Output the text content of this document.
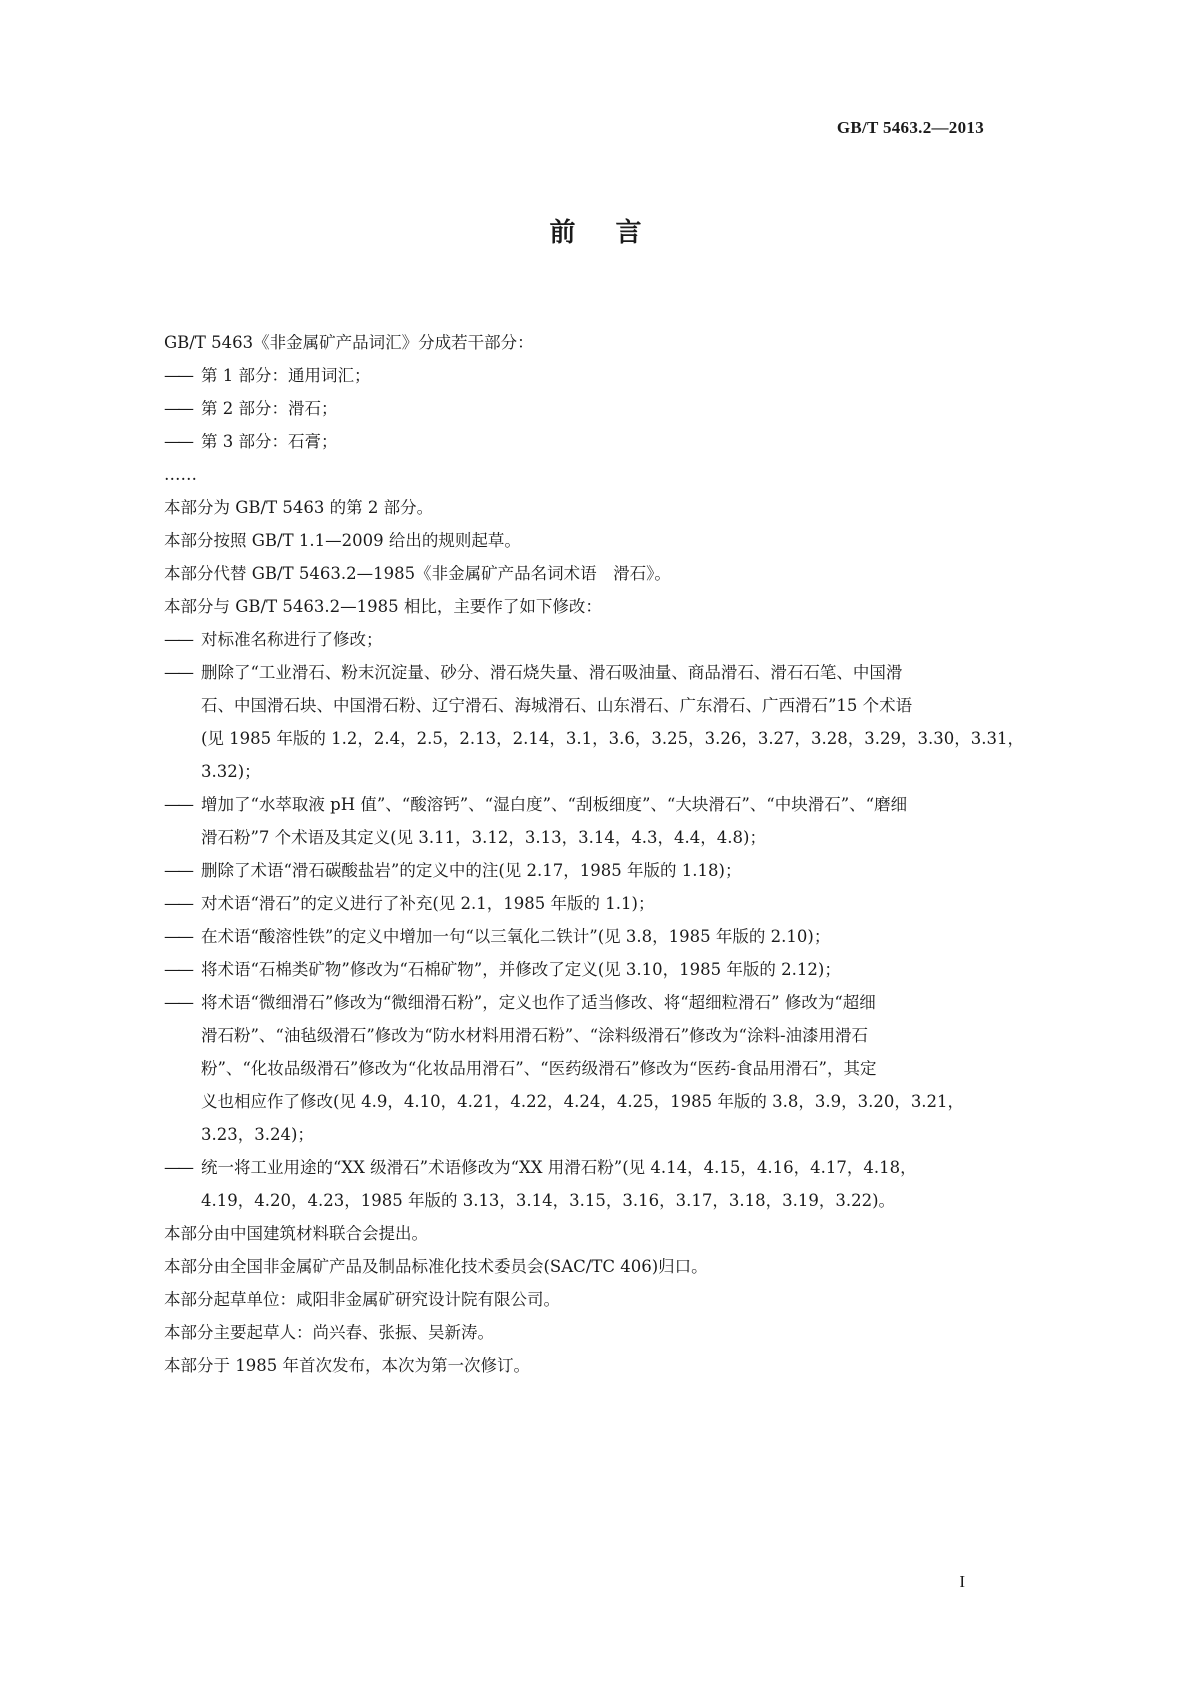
GB/T 5463.2—2013
前言
GB/T 5463《非金属矿产品词汇》分成若干部分：
—— 第 1 部分：通用词汇；
—— 第 2 部分：滑石；
—— 第 3 部分：石膏；
……
本部分为 GB/T 5463 的第 2 部分。
本部分按照 GB/T 1.1—2009 给出的规则起草。
本部分代替 GB/T 5463.2—1985《非金属矿产品名词术语　滑石》。
本部分与 GB/T 5463.2—1985 相比，主要作了如下修改：
—— 对标准名称进行了修改；
—— 删除了“工业滑石、粉末沉淀量、砂分、滑石烧失量、滑石吸油量、商品滑石、滑石石笔、中国滑
石、中国滑石块、中国滑石粉、辽宁滑石、海城滑石、山东滑石、广东滑石、广西滑石”15 个术语
(见 1985 年版的 1.2，2.4，2.5，2.13，2.14，3.1，3.6，3.25，3.26，3.27，3.28，3.29，3.30，3.31，
3.32)；
—— 增加了“水萃取液 pH 值”、“酸溶钙”、“湿白度”、“刮板细度”、“大块滑石”、“中块滑石”、“磨细
滑石粉”7 个术语及其定义(见 3.11，3.12，3.13，3.14，4.3，4.4，4.8)；
—— 删除了术语“滑石碳酸盐岩”的定义中的注(见 2.17，1985 年版的 1.18)；
—— 对术语“滑石”的定义进行了补充(见 2.1，1985 年版的 1.1)；
—— 在术语“酸溶性铁”的定义中增加一句“以三氧化二铁计”(见 3.8，1985 年版的 2.10)；
—— 将术语“石棉类矿物”修改为“石棉矿物”，并修改了定义(见 3.10，1985 年版的 2.12)；
—— 将术语“微细滑石”修改为“微细滑石粉”，定义也作了适当修改、将“超细粒滑石” 修改为“超细
滑石粉”、“油毡级滑石”修改为“防水材料用滑石粉”、“涂料级滑石”修改为“涂料-油漆用滑石
粉”、“化妆品级滑石”修改为“化妆品用滑石”、“医药级滑石”修改为“医药-食品用滑石”，其定
义也相应作了修改(见 4.9，4.10，4.21，4.22，4.24，4.25，1985 年版的 3.8，3.9，3.20，3.21，
3.23，3.24)；
—— 统一将工业用途的“XX 级滑石”术语修改为“XX 用滑石粉”(见 4.14，4.15，4.16，4.17，4.18，
4.19，4.20，4.23，1985 年版的 3.13，3.14，3.15，3.16，3.17，3.18，3.19，3.22)。
本部分由中国建筑材料联合会提出。
本部分由全国非金属矿产品及制品标准化技术委员会(SAC/TC 406)归口。
本部分起草单位：咸阳非金属矿研究设计院有限公司。
本部分主要起草人：尚兴春、张振、吴新涛。
本部分于 1985 年首次发布，本次为第一次修订。
I
